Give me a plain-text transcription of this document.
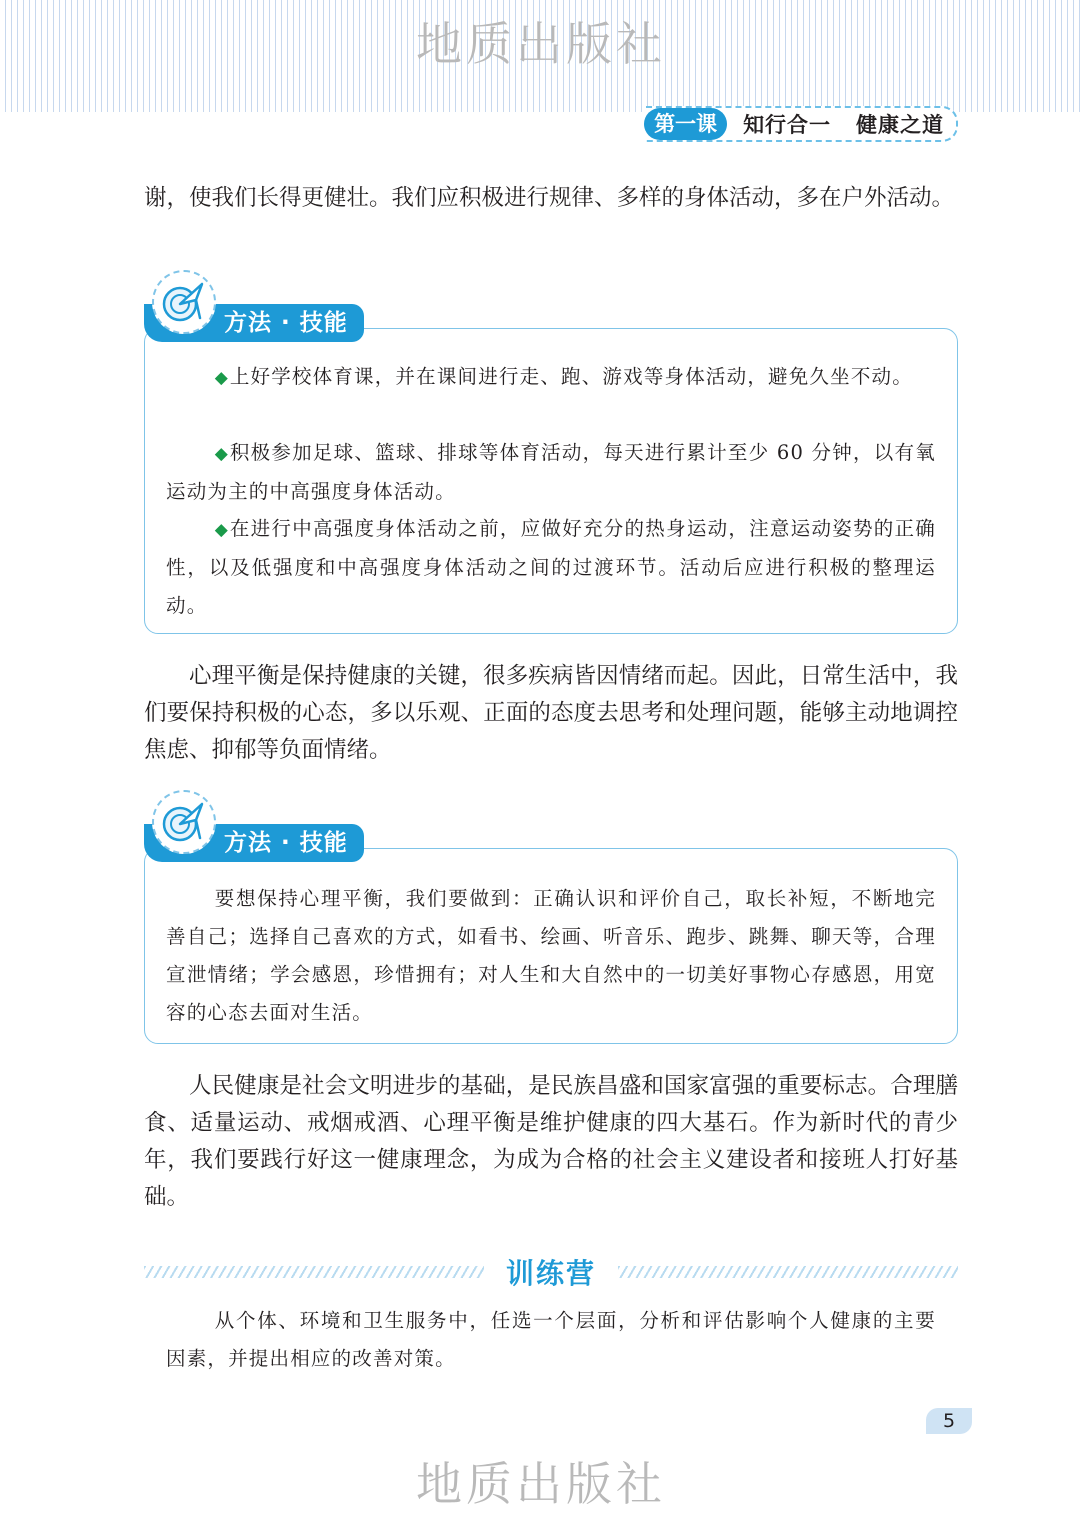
地质出版社
第一课	知行合一   健康之道

谢，使我们长得更健壮。我们应积极进行规律、多样的身体活动，多在户外活动。

方法 · 技能

◆ 上好学校体育课，并在课间进行走、跑、游戏等身体活动，避免久坐不动。

◆ 积极参加足球、篮球、排球等体育活动，每天进行累计至少 60 分钟，以有氧运动为主的中高强度身体活动。

◆ 在进行中高强度身体活动之前，应做好充分的热身运动，注意运动姿势的正确性，以及低强度和中高强度身体活动之间的过渡环节。活动后应进行积极的整理运动。

心理平衡是保持健康的关键，很多疾病皆因情绪而起。因此，日常生活中，我们要保持积极的心态，多以乐观、正面的态度去思考和处理问题，能够主动地调控焦虑、抑郁等负面情绪。

方法 · 技能

要想保持心理平衡，我们要做到：正确认识和评价自己，取长补短，不断地完善自己；选择自己喜欢的方式，如看书、绘画、听音乐、跑步、跳舞、聊天等，合理宣泄情绪；学会感恩，珍惜拥有；对人生和大自然中的一切美好事物心存感恩，用宽容的心态去面对生活。

人民健康是社会文明进步的基础，是民族昌盛和国家富强的重要标志。合理膳食、适量运动、戒烟戒酒、心理平衡是维护健康的四大基石。作为新时代的青少年，我们要践行好这一健康理念，为成为合格的社会主义建设者和接班人打好基础。

训练营

从个体、环境和卫生服务中，任选一个层面，分析和评估影响个人健康的主要因素，并提出相应的改善对策。

5
地质出版社
